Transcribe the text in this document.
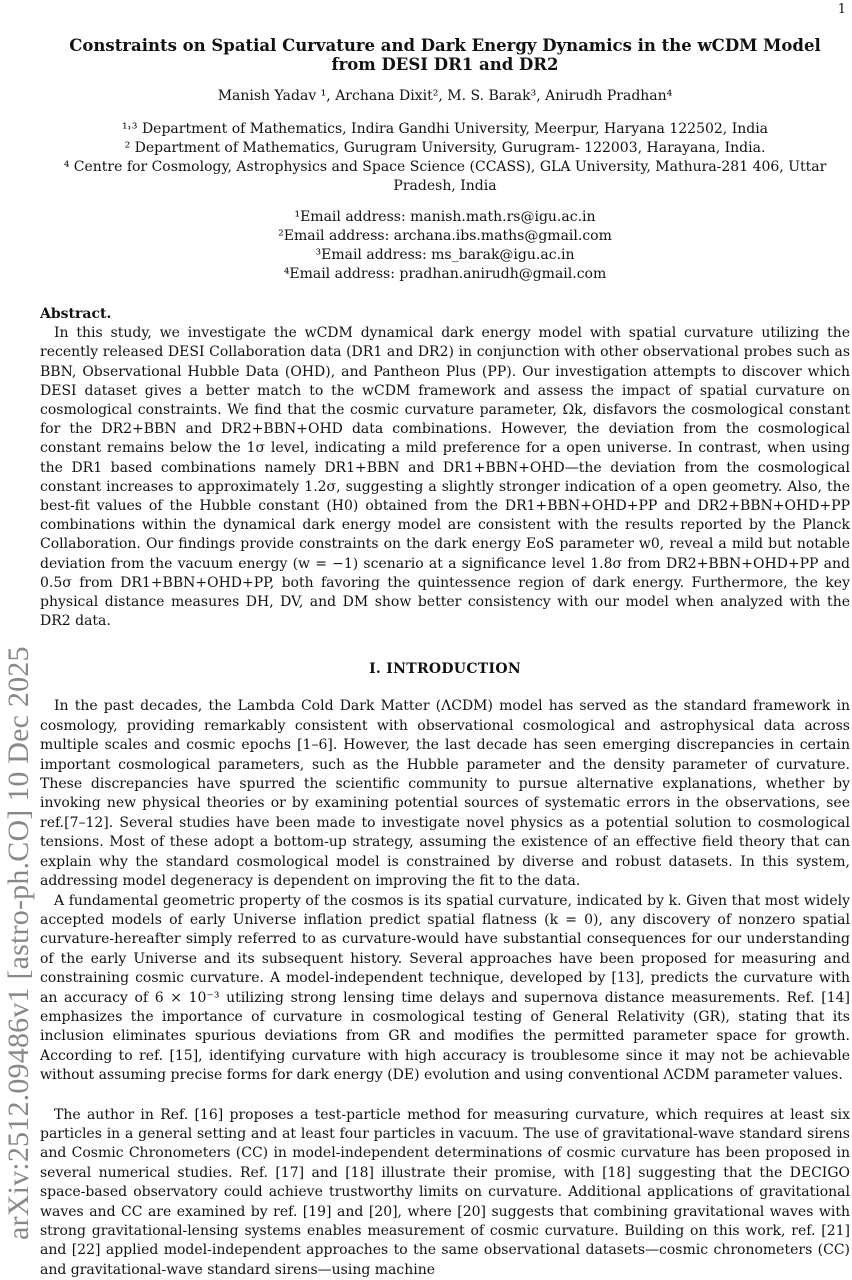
1
arXiv:2512.09486v1 [astro-ph.CO] 10 Dec 2025
Constraints on Spatial Curvature and Dark Energy Dynamics in the wCDM Model
from DESI DR1 and DR2
Manish Yadav ¹, Archana Dixit², M. S. Barak³, Anirudh Pradhan⁴
¹˒³ Department of Mathematics, Indira Gandhi University, Meerpur, Haryana 122502, India
² Department of Mathematics, Gurugram University, Gurugram- 122003, Harayana, India.
⁴ Centre for Cosmology, Astrophysics and Space Science (CCASS), GLA University, Mathura-281 406, Uttar Pradesh, India
¹Email address: manish.math.rs@igu.ac.in
²Email address: archana.ibs.maths@gmail.com
³Email address: ms_barak@igu.ac.in
⁴Email address: pradhan.anirudh@gmail.com
Abstract.
In this study, we investigate the wCDM dynamical dark energy model with spatial curvature utilizing the recently released DESI Collaboration data (DR1 and DR2) in conjunction with other observational probes such as BBN, Observational Hubble Data (OHD), and Pantheon Plus (PP). Our investigation attempts to discover which DESI dataset gives a better match to the wCDM framework and assess the impact of spatial curvature on cosmological constraints. We find that the cosmic curvature parameter, Ωk, disfavors the cosmological constant for the DR2+BBN and DR2+BBN+OHD data combinations. However, the deviation from the cosmological constant remains below the 1σ level, indicating a mild preference for a open universe. In contrast, when using the DR1 based combinations namely DR1+BBN and DR1+BBN+OHD—the deviation from the cosmological constant increases to approximately 1.2σ, suggesting a slightly stronger indication of a open geometry. Also, the best-fit values of the Hubble constant (H0) obtained from the DR1+BBN+OHD+PP and DR2+BBN+OHD+PP combinations within the dynamical dark energy model are consistent with the results reported by the Planck Collaboration. Our findings provide constraints on the dark energy EoS parameter w0, reveal a mild but notable deviation from the vacuum energy (w = −1) scenario at a significance level 1.8σ from DR2+BBN+OHD+PP and 0.5σ from DR1+BBN+OHD+PP, both favoring the quintessence region of dark energy. Furthermore, the key physical distance measures DH, DV, and DM show better consistency with our model when analyzed with the DR2 data.
I. INTRODUCTION

In the past decades, the Lambda Cold Dark Matter (ΛCDM) model has served as the standard framework in cosmology, providing remarkably consistent with observational cosmological and astrophysical data across multiple scales and cosmic epochs [1–6]. However, the last decade has seen emerging discrepancies in certain important cosmological parameters, such as the Hubble parameter and the density parameter of curvature. These discrepancies have spurred the scientific community to pursue alternative explanations, whether by invoking new physical theories or by examining potential sources of systematic errors in the observations, see ref.[7–12]. Several studies have been made to investigate novel physics as a potential solution to cosmological tensions. Most of these adopt a bottom-up strategy, assuming the existence of an effective field theory that can explain why the standard cosmological model is constrained by diverse and robust datasets. In this system, addressing model degeneracy is dependent on improving the fit to the data.

A fundamental geometric property of the cosmos is its spatial curvature, indicated by k. Given that most widely accepted models of early Universe inflation predict spatial flatness (k = 0), any discovery of nonzero spatial curvature-hereafter simply referred to as curvature-would have substantial consequences for our understanding of the early Universe and its subsequent history. Several approaches have been proposed for measuring and constraining cosmic curvature. A model-independent technique, developed by [13], predicts the curvature with an accuracy of 6 × 10⁻³ utilizing strong lensing time delays and supernova distance measurements. Ref. [14] emphasizes the importance of curvature in cosmological testing of General Relativity (GR), stating that its inclusion eliminates spurious deviations from GR and modifies the permitted parameter space for growth. According to ref. [15], identifying curvature with high accuracy is troublesome since it may not be achievable without assuming precise forms for dark energy (DE) evolution and using conventional ΛCDM parameter values.

The author in Ref. [16] proposes a test-particle method for measuring curvature, which requires at least six particles in a general setting and at least four particles in vacuum. The use of gravitational-wave standard sirens and Cosmic Chronometers (CC) in model-independent determinations of cosmic curvature has been proposed in several numerical studies. Ref. [17] and [18] illustrate their promise, with [18] suggesting that the DECIGO space-based observatory could achieve trustworthy limits on curvature. Additional applications of gravitational waves and CC are examined by ref. [19] and [20], where [20] suggests that combining gravitational waves with strong gravitational-lensing systems enables measurement of cosmic curvature. Building on this work, ref. [21] and [22] applied model-independent approaches to the same observational datasets—cosmic chronometers (CC) and gravitational-wave standard sirens—using machine
